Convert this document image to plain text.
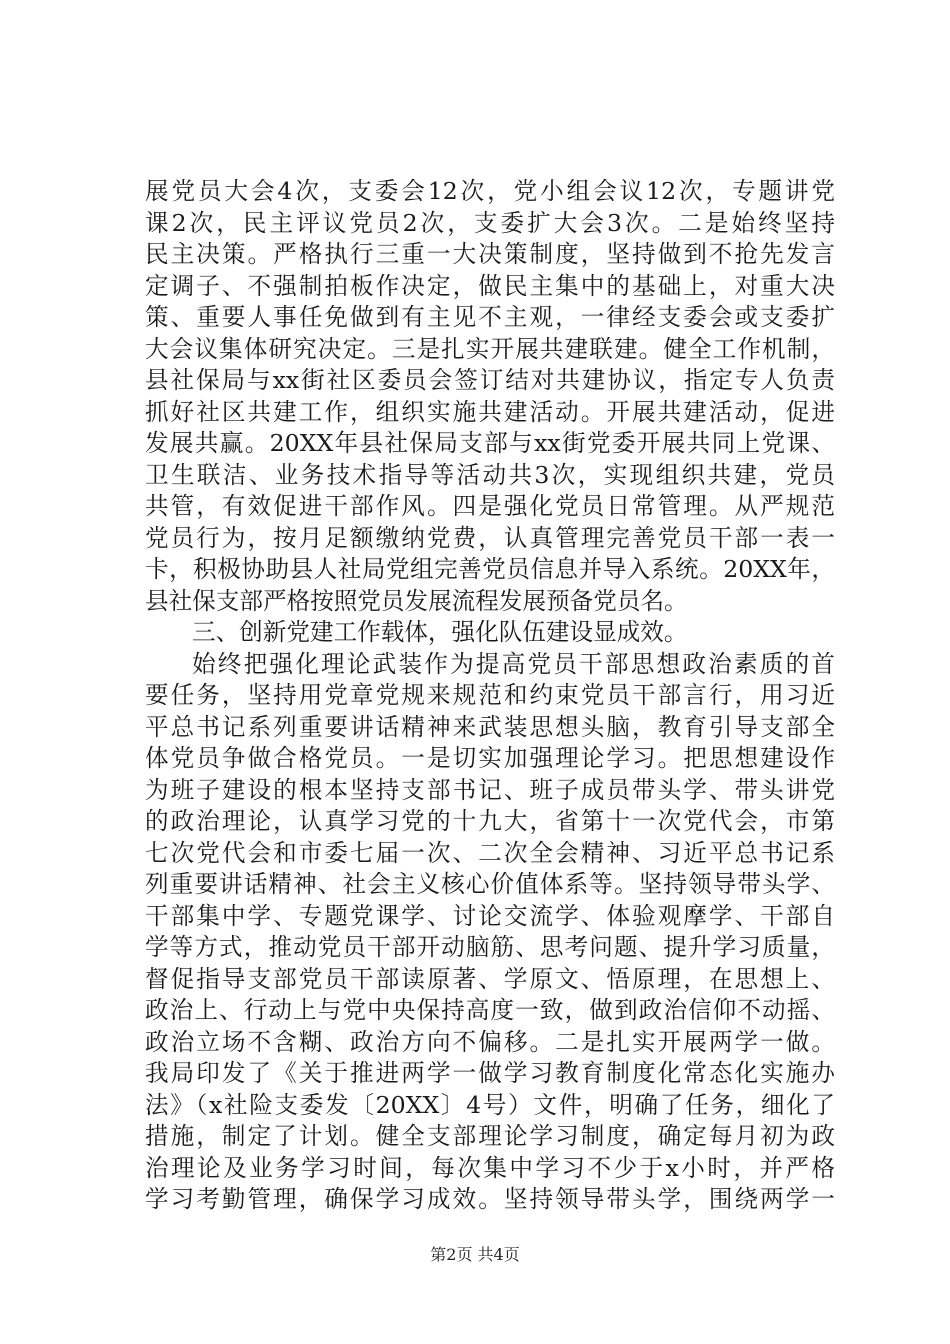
展党员大会4次，支委会12次，党小组会议12次，专题讲党
课2次，民主评议党员2次，支委扩大会3次。二是始终坚持
民主决策。严格执行三重一大决策制度，坚持做到不抢先发言
定调子、不强制拍板作决定，做民主集中的基础上，对重大决
策、重要人事任免做到有主见不主观，一律经支委会或支委扩
大会议集体研究决定。三是扎实开展共建联建。健全工作机制，
县社保局与xx街社区委员会签订结对共建协议，指定专人负责
抓好社区共建工作，组织实施共建活动。开展共建活动，促进
发展共赢。20XX年县社保局支部与xx街党委开展共同上党课、
卫生联洁、业务技术指导等活动共3次，实现组织共建，党员
共管，有效促进干部作风。四是强化党员日常管理。从严规范
党员行为，按月足额缴纳党费，认真管理完善党员干部一表一
卡，积极协助县人社局党组完善党员信息并导入系统。20XX年，
县社保支部严格按照党员发展流程发展预备党员名。
三、创新党建工作载体，强化队伍建设显成效。
始终把强化理论武装作为提高党员干部思想政治素质的首
要任务，坚持用党章党规来规范和约束党员干部言行，用习近
平总书记系列重要讲话精神来武装思想头脑，教育引导支部全
体党员争做合格党员。一是切实加强理论学习。把思想建设作
为班子建设的根本坚持支部书记、班子成员带头学、带头讲党
的政治理论，认真学习党的十九大，省第十一次党代会，市第
七次党代会和市委七届一次、二次全会精神、习近平总书记系
列重要讲话精神、社会主义核心价值体系等。坚持领导带头学、
干部集中学、专题党课学、讨论交流学、体验观摩学、干部自
学等方式，推动党员干部开动脑筋、思考问题、提升学习质量，
督促指导支部党员干部读原著、学原文、悟原理，在思想上、
政治上、行动上与党中央保持高度一致，做到政治信仰不动摇、
政治立场不含糊、政治方向不偏移。二是扎实开展两学一做。
我局印发了《关于推进两学一做学习教育制度化常态化实施办
法》（x社险支委发〔20XX〕4号）文件，明确了任务，细化了
措施，制定了计划。健全支部理论学习制度，确定每月初为政
治理论及业务学习时间，每次集中学习不少于x小时，并严格
学习考勤管理，确保学习成效。坚持领导带头学，围绕两学一
第2页 共4页
